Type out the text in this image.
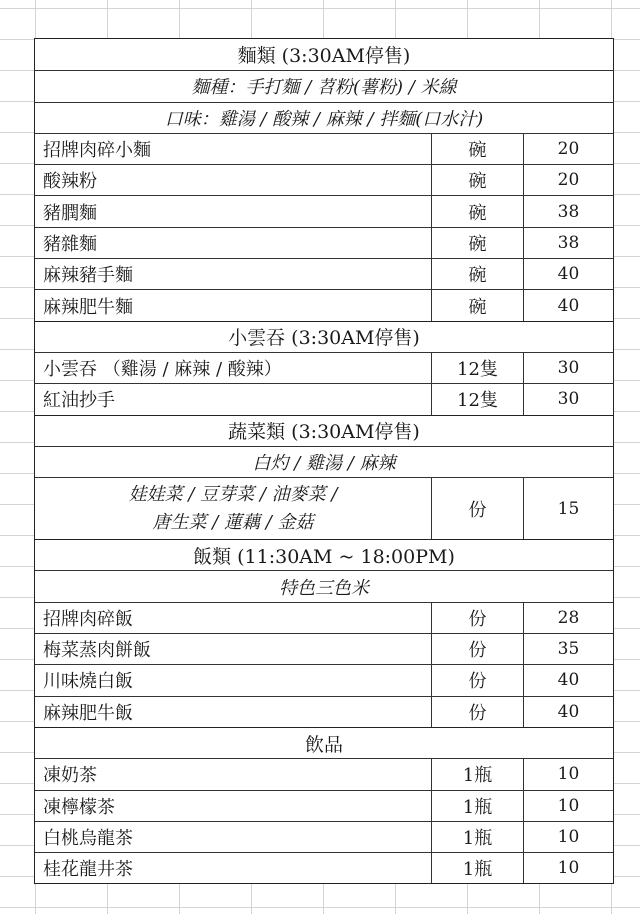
麵類 (3:30AM停售)
麵種：手打麵 / 苕粉(薯粉) / 米線
口味：雞湯 / 酸辣 / 麻辣 / 拌麵(口水汁)
招牌肉碎小麵	碗	20
酸辣粉	碗	20
豬膶麵	碗	38
豬雜麵	碗	38
麻辣豬手麵	碗	40
麻辣肥牛麵	碗	40
小雲吞 (3:30AM停售)
小雲吞 （雞湯 / 麻辣 / 酸辣）	12隻	30
紅油抄手	12隻	30
蔬菜類 (3:30AM停售)
白灼 / 雞湯 / 麻辣
娃娃菜 / 豆芽菜 / 油麥菜 /
唐生菜 / 蓮藕 / 金菇
份	15
飯類 (11:30AM ~ 18:00PM)
特色三色米
招牌肉碎飯	份	28
梅菜蒸肉餅飯	份	35
川味燒白飯	份	40
麻辣肥牛飯	份	40
飲品
凍奶茶	1瓶	10
凍檸檬茶	1瓶	10
白桃烏龍茶	1瓶	10
桂花龍井茶	1瓶	10
